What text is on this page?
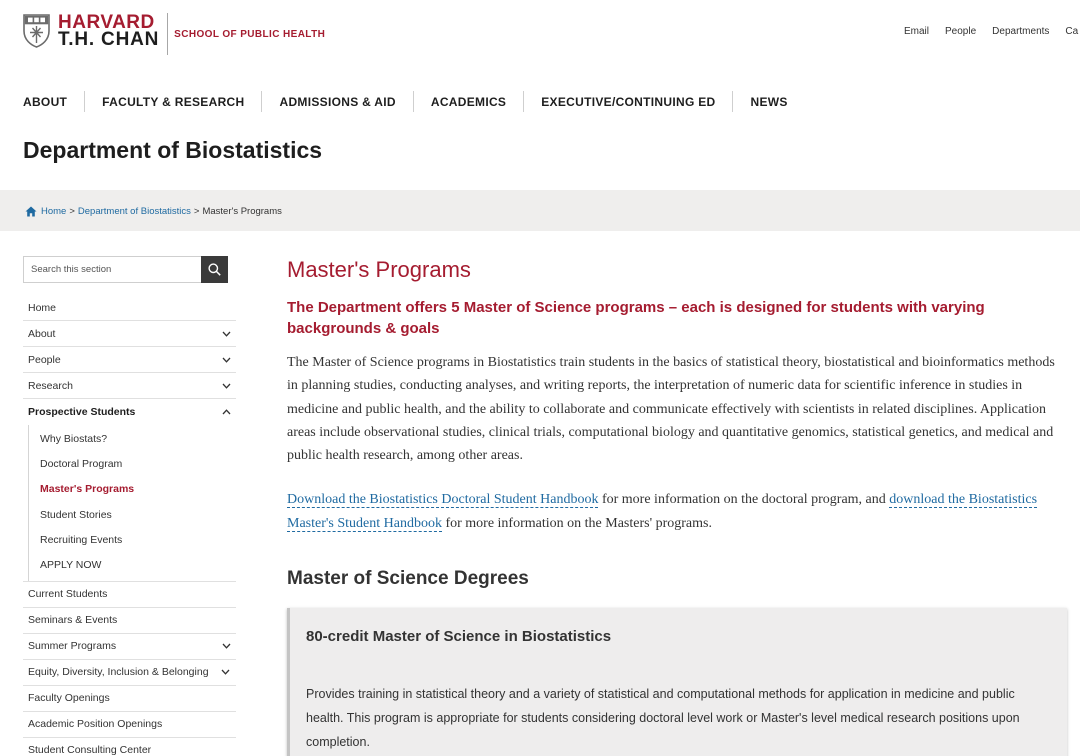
HARVARD
T.H. CHAN SCHOOL OF PUBLIC HEALTH	Email People Departments Ca
ABOUT	FACULTY & RESEARCH	ADMISSIONS & AID	ACADEMICS	EXECUTIVE/CONTINUING ED	NEWS
Department of Biostatistics
Home > Department of Biostatistics > Master's Programs
Search this section
Home
About
People
Research
Prospective Students
Why Biostats?
Doctoral Program
Master's Programs
Student Stories
Recruiting Events
APPLY NOW
Current Students
Seminars & Events
Summer Programs
Equity, Diversity, Inclusion & Belonging
Faculty Openings
Academic Position Openings
Student Consulting Center
Master's Programs
The Department offers 5 Master of Science programs – each is designed for students with varying backgrounds & goals

The Master of Science programs in Biostatistics train students in the basics of statistical theory, biostatistical and bioinformatics methods in planning studies, conducting analyses, and writing reports, the interpretation of numeric data for scientific inference in studies in medicine and public health, and the ability to collaborate and communicate effectively with scientists in related disciplines. Application areas include observational studies, clinical trials, computational biology and quantitative genomics, statistical genetics, and medical and public health research, among other areas.

Download the Biostatistics Doctoral Student Handbook for more information on the doctoral program, and download the Biostatistics Master's Student Handbook for more information on the Masters' programs.

Master of Science Degrees
80-credit Master of Science in Biostatistics
Provides training in statistical theory and a variety of statistical and computational methods for application in medicine and public health. This program is appropriate for students considering doctoral level work or Master's level medical research positions upon completion.
